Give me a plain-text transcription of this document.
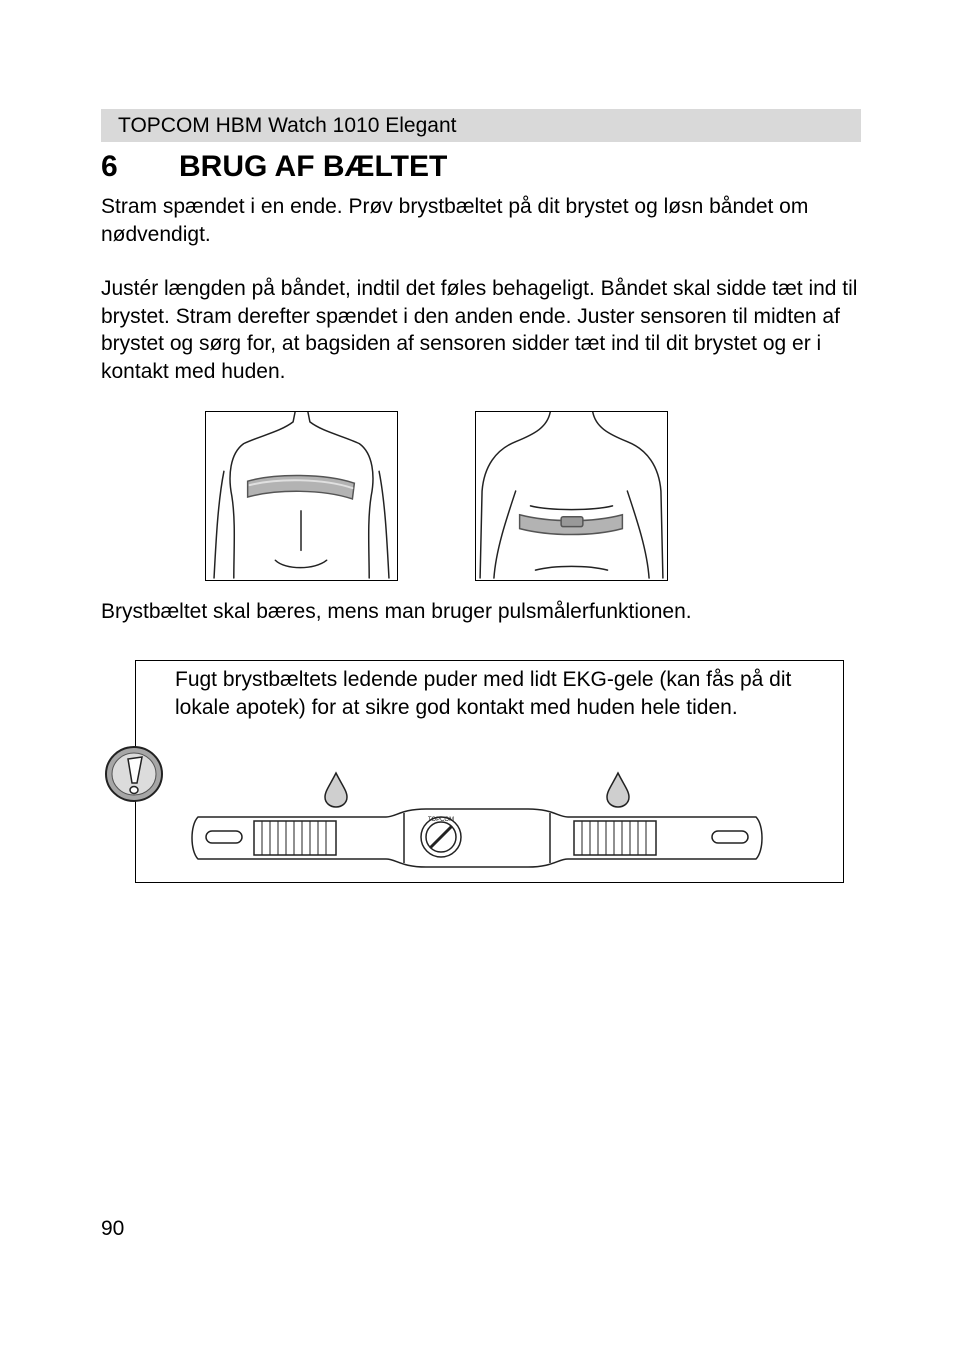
TOPCOM HBM Watch 1010 Elegant
6 BRUG AF BÆLTET

Stram spændet i en ende. Prøv brystbæltet på dit brystet og løsn båndet om nødvendigt.

Justér længden på båndet, indtil det føles behageligt. Båndet skal sidde tæt ind til brystet. Stram derefter spændet i den anden ende. Juster sensoren til midten af brystet og sørg for, at bagsiden af sensoren sidder tæt ind til dit brystet og er i kontakt med huden.

Brystbæltet skal bæres, mens man bruger pulsmålerfunktionen.

Fugt brystbæltets ledende puder med lidt EKG-gele (kan fås på dit lokale apotek) for at sikre god kontakt med huden hele tiden.

TOPCOM
90
